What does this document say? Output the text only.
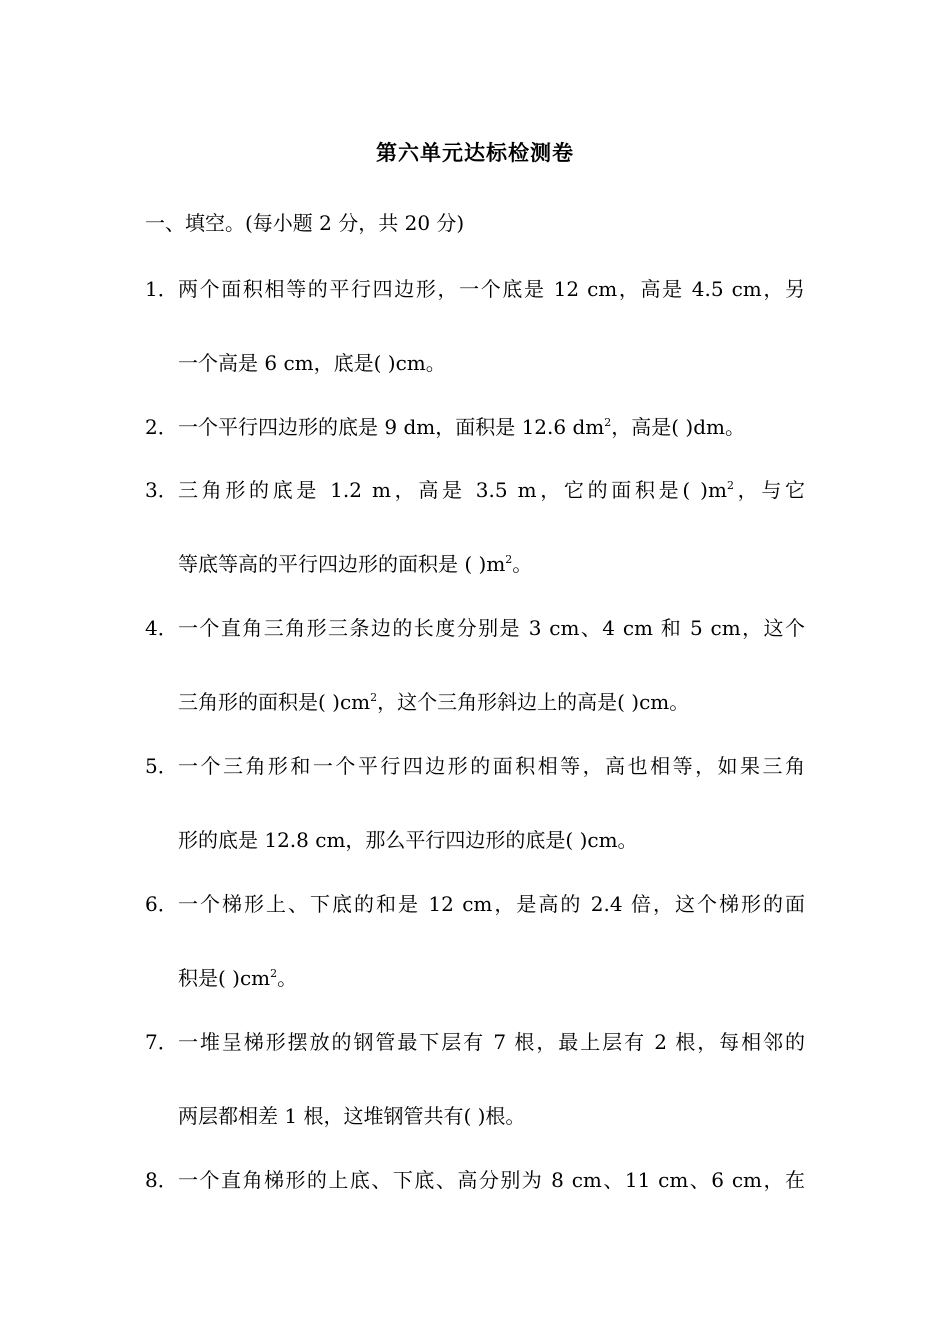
第六单元达标检测卷
一、填空。(每小题 2 分，共 20 分)
1． 两个面积相等的平行四边形，一个底是 12 cm，高是 4.5 cm，另
一个高是 6 cm，底是( )cm。
2． 一个平行四边形的底是 9 dm，面积是 12.6 $dm^2$，高是( )dm。
3． 三角形的底是 1.2 m，高是 3.5 m，它的面积是( )$m^2$，与它
等底等高的平行四边形的面积是 ( )$m^2$。
4． 一个直角三角形三条边的长度分别是 3 cm、4 cm 和 5 cm，这个
三角形的面积是( )$cm^2$，这个三角形斜边上的高是( )cm。
5． 一个三角形和一个平行四边形的面积相等，高也相等，如果三角
形的底是 12.8 cm，那么平行四边形的底是( )cm。
6． 一个梯形上、下底的和是 12 cm，是高的 2.4 倍，这个梯形的面
积是( )$cm^2$。
7． 一堆呈梯形摆放的钢管最下层有 7 根，最上层有 2 根，每相邻的
两层都相差 1 根，这堆钢管共有( )根。
8． 一个直角梯形的上底、下底、高分别为 8 cm、11 cm、6 cm，在
